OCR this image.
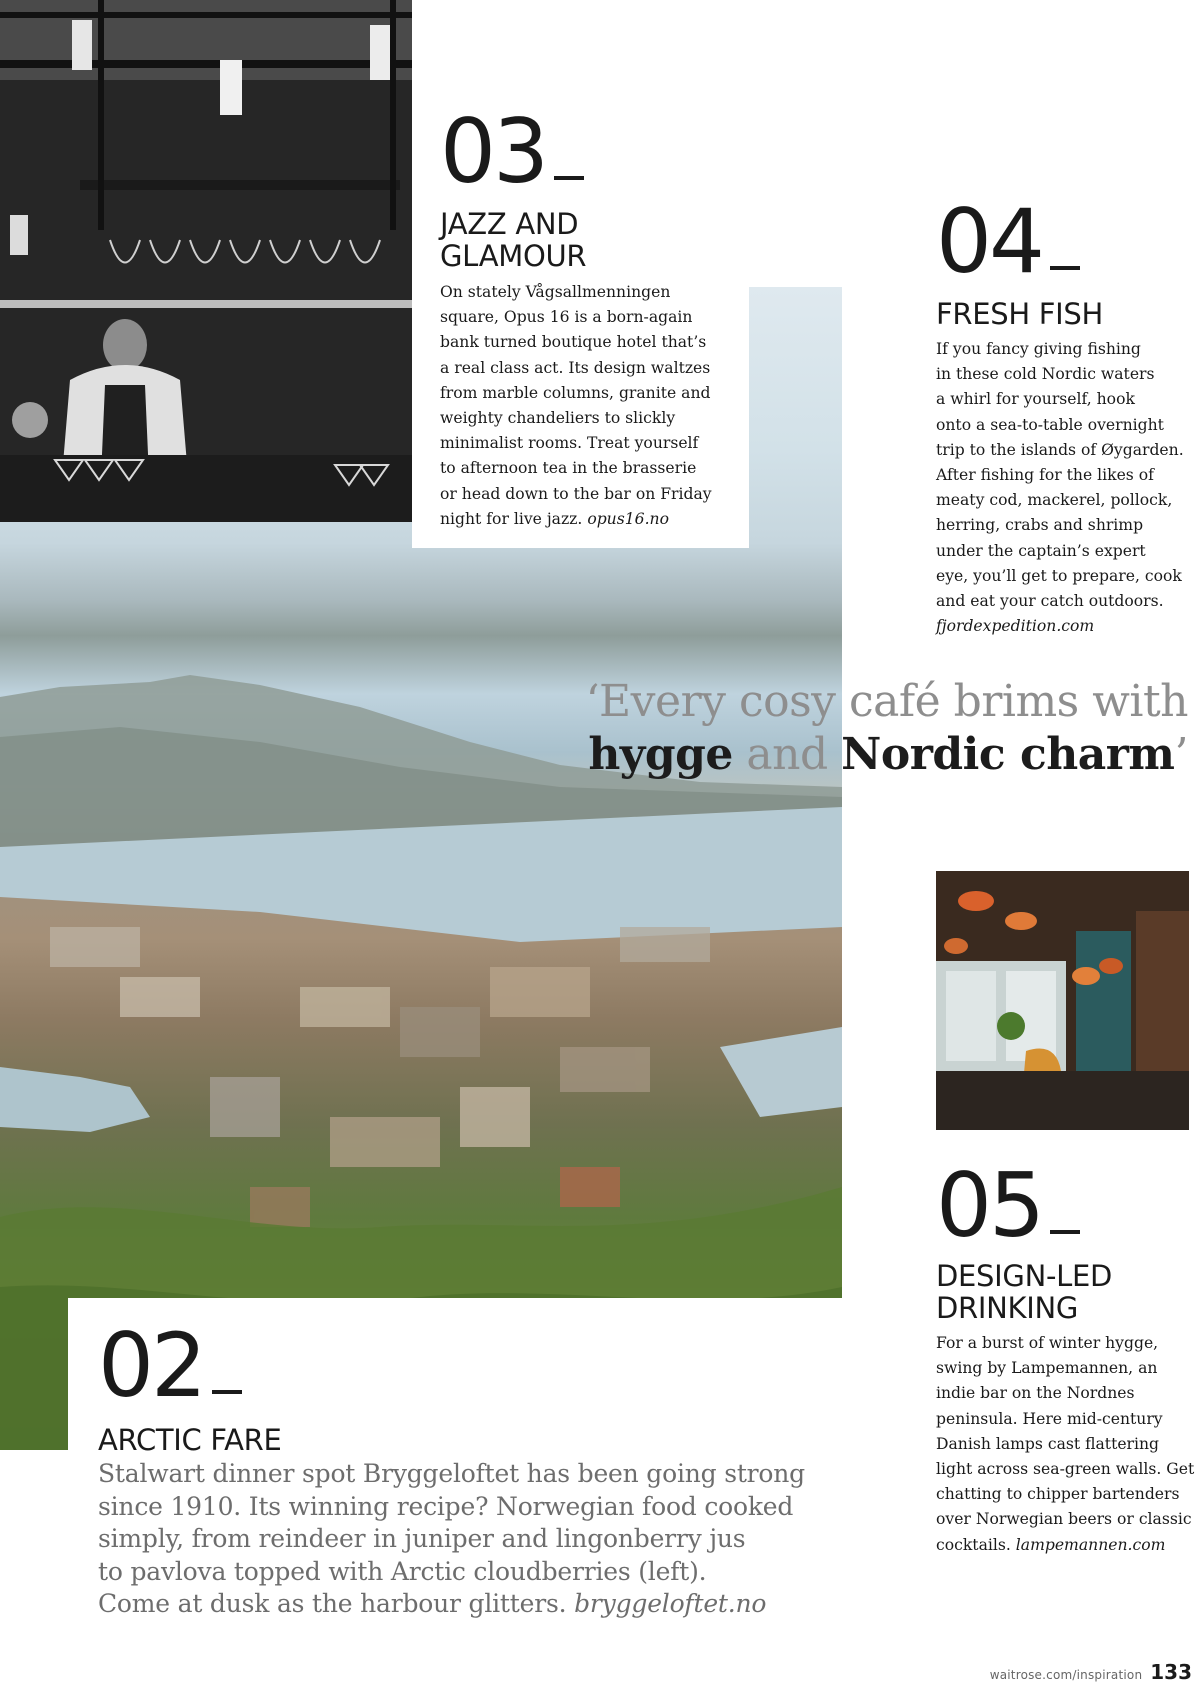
03
JAZZ AND
GLAMOUR
On stately Vågsallmenningen
square, Opus 16 is a born-again
bank turned boutique hotel that’s
a real class act. Its design waltzes
from marble columns, granite and
weighty chandeliers to slickly
minimalist rooms. Treat yourself
to afternoon tea in the brasserie
or head down to the bar on Friday
night for live jazz. opus16.no
04
FRESH FISH
If you fancy giving fishing
in these cold Nordic waters
a whirl for yourself, hook
onto a sea-to-table overnight
trip to the islands of Øygarden.
After fishing for the likes of
meaty cod, mackerel, pollock,
herring, crabs and shrimp
under the captain’s expert
eye, you’ll get to prepare, cook
and eat your catch outdoors.
fjordexpedition.com
‘Every cosy café brims with
hygge and Nordic charm’
05
DESIGN-LED
DRINKING
For a burst of winter hygge,
swing by Lampemannen, an
indie bar on the Nordnes
peninsula. Here mid-century
Danish lamps cast flattering
light across sea-green walls. Get
chatting to chipper bartenders
over Norwegian beers or classic
cocktails. lampemannen.com
02
ARCTIC FARE
Stalwart dinner spot Bryggeloftet has been going strong
since 1910. Its winning recipe? Norwegian food cooked
simply, from reindeer in juniper and lingonberry jus
to pavlova topped with Arctic cloudberries (left).
Come at dusk as the harbour glitters. bryggeloftet.no
waitrose.com/inspiration 133
